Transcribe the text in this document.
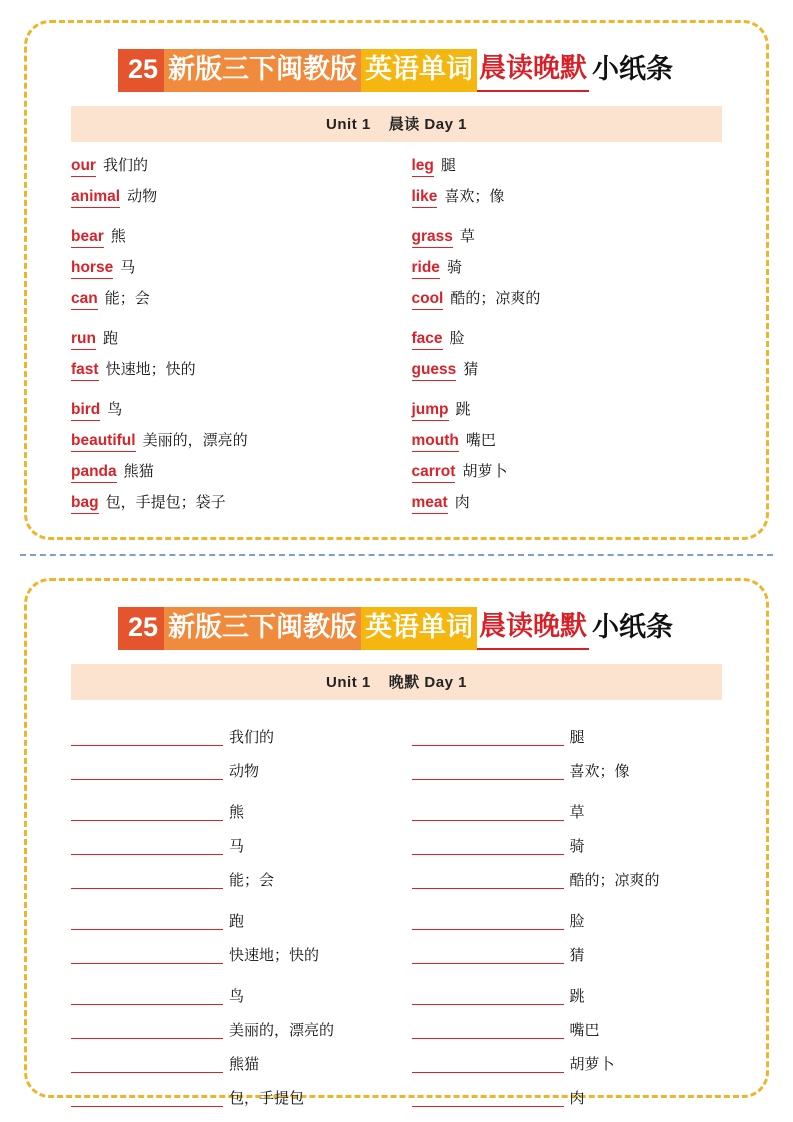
25 新版三下闽教版 英语单词 晨读晚默 小纸条
Unit 1 晨读 Day 1
our 我们的
animal 动物
bear 熊
horse 马
can 能；会
run 跑
fast 快速地；快的
bird 鸟
beautiful 美丽的，漂亮的
panda 熊猫
bag 包，手提包；袋子
leg 腿
like 喜欢；像
grass 草
ride 骑
cool 酷的；凉爽的
face 脸
guess 猜
jump 跳
mouth 嘴巴
carrot 胡萝卜
meat 肉
25 新版三下闽教版 英语单词 晨读晚默 小纸条
Unit 1 晚默 Day 1
我们的
动物
熊
马
能；会
跑
快速地；快的
鸟
美丽的，漂亮的
熊猫
包，手提包
腿
喜欢；像
草
骑
酷的；凉爽的
脸
猜
跳
嘴巴
胡萝卜
肉
